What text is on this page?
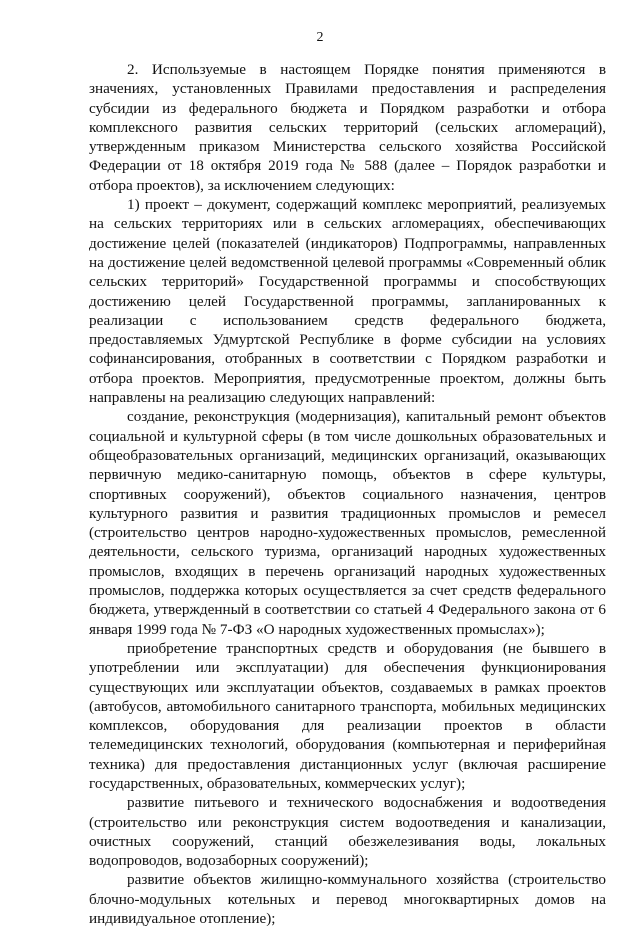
2

2. Используемые в настоящем Порядке понятия применяются в значениях, установленных Правилами предоставления и распределения субсидии из федерального бюджета и Порядком разработки и отбора комплексного развития сельских территорий (сельских агломераций), утвержденным приказом Министерства сельского хозяйства Российской Федерации от 18 октября 2019 года № 588 (далее – Порядок разработки и отбора проектов), за исключением следующих:

1) проект – документ, содержащий комплекс мероприятий, реализуемых на сельских территориях или в сельских агломерациях, обеспечивающих достижение целей (показателей (индикаторов) Подпрограммы, направленных на достижение целей ведомственной целевой программы «Современный облик сельских территорий» Государственной программы и способствующих достижению целей Государственной программы, запланированных к реализации с использованием средств федерального бюджета, предоставляемых Удмуртской Республике в форме субсидии на условиях софинансирования, отобранных в соответствии с Порядком разработки и отбора проектов. Мероприятия, предусмотренные проектом, должны быть направлены на реализацию следующих направлений:

создание, реконструкция (модернизация), капитальный ремонт объектов социальной и культурной сферы (в том числе дошкольных образовательных и общеобразовательных организаций, медицинских организаций, оказывающих первичную медико-санитарную помощь, объектов в сфере культуры, спортивных сооружений), объектов социального назначения, центров культурного развития и развития традиционных промыслов и ремесел (строительство центров народно-художественных промыслов, ремесленной деятельности, сельского туризма, организаций народных художественных промыслов, входящих в перечень организаций народных художественных промыслов, поддержка которых осуществляется за счет средств федерального бюджета, утвержденный в соответствии со статьей 4 Федерального закона от 6 января 1999 года № 7-ФЗ «О народных художественных промыслах»);

приобретение транспортных средств и оборудования (не бывшего в употреблении или эксплуатации) для обеспечения функционирования существующих или эксплуатации объектов, создаваемых в рамках проектов (автобусов, автомобильного санитарного транспорта, мобильных медицинских комплексов, оборудования для реализации проектов в области телемедицинских технологий, оборудования (компьютерная и периферийная техника) для предоставления дистанционных услуг (включая расширение государственных, образовательных, коммерческих услуг);

развитие питьевого и технического водоснабжения и водоотведения (строительство или реконструкция систем водоотведения и канализации, очистных сооружений, станций обезжелезивания воды, локальных водопроводов, водозаборных сооружений);

развитие объектов жилищно-коммунального хозяйства (строительство блочно-модульных котельных и перевод многоквартирных домов на индивидуальное отопление);
